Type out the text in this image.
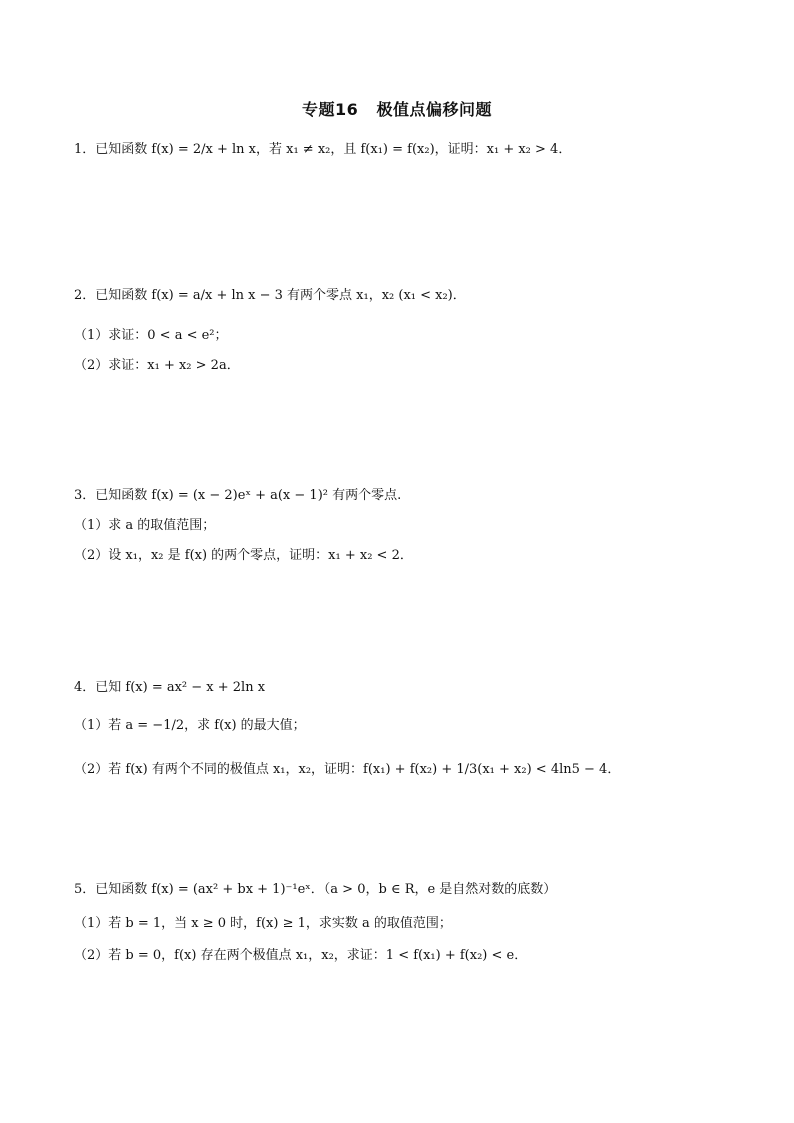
专题16   极值点偏移问题
1．已知函数 f(x) = 2/x + ln x，若 x₁ ≠ x₂，且 f(x₁) = f(x₂)，证明：x₁ + x₂ > 4．
2．已知函数 f(x) = a/x + ln x − 3 有两个零点 x₁，x₂ (x₁ < x₂)．
（1）求证：0 < a < e²；
（2）求证：x₁ + x₂ > 2a．
3．已知函数 f(x) = (x − 2)eˣ + a(x − 1)² 有两个零点.
（1）求 a 的取值范围；
（2）设 x₁，x₂ 是 f(x) 的两个零点，证明：x₁ + x₂ < 2．
4．已知 f(x) = ax² − x + 2ln x
（1）若 a = −1/2，求 f(x) 的最大值；
（2）若 f(x) 有两个不同的极值点 x₁，x₂，证明：f(x₁) + f(x₂) + 1/3(x₁ + x₂) < 4ln5 − 4．
5．已知函数 f(x) = (ax² + bx + 1)⁻¹eˣ．（a > 0，b ∈ R，e 是自然对数的底数）
（1）若 b = 1，当 x ≥ 0 时，f(x) ≥ 1，求实数 a 的取值范围；
（2）若 b = 0，f(x) 存在两个极值点 x₁，x₂，求证：1 < f(x₁) + f(x₂) < e．
